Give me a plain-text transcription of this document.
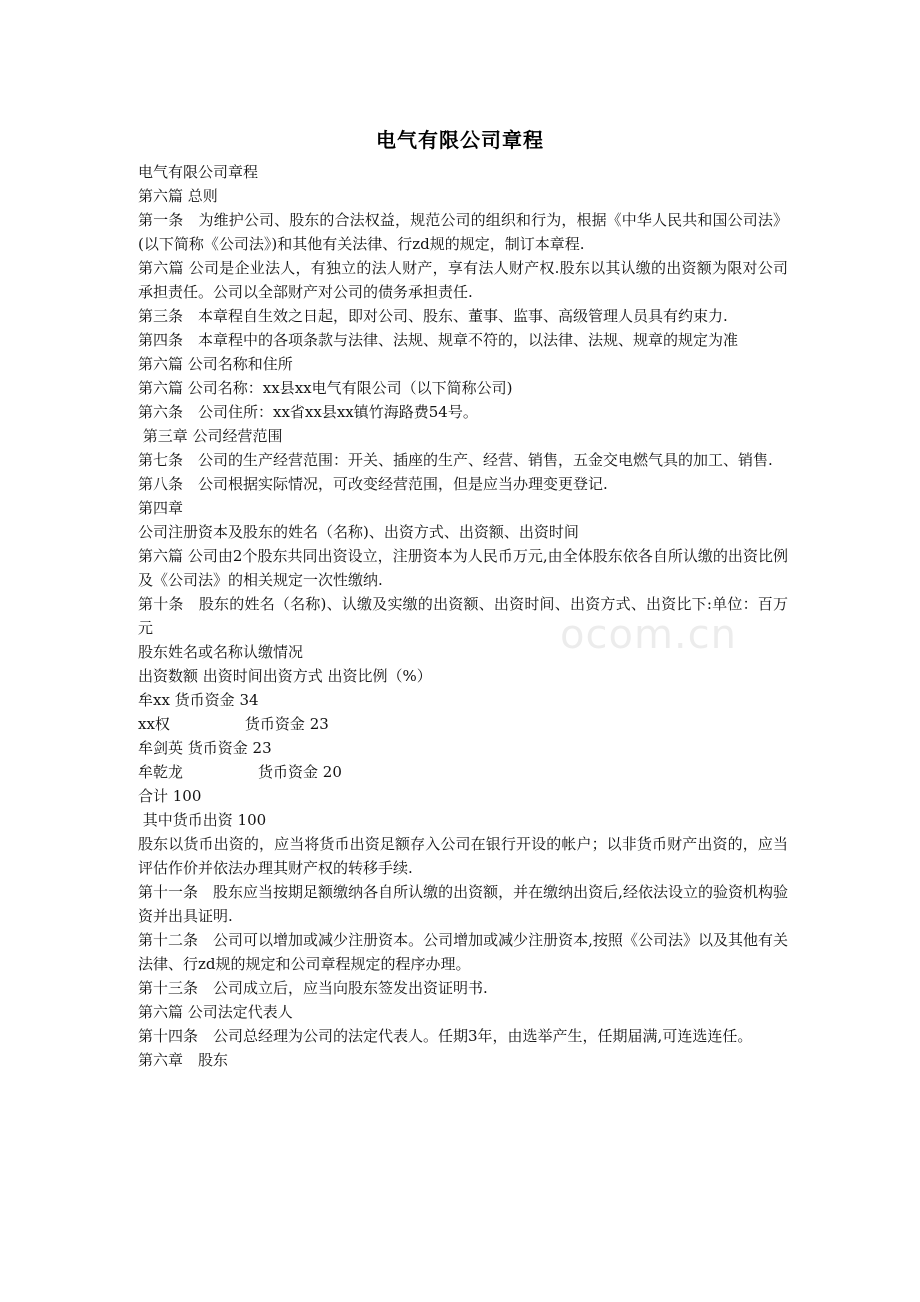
电气有限公司章程

电气有限公司章程

第六篇 总则

第一条　为维护公司、股东的合法权益，规范公司的组织和行为，根据《中华人民共和国公司法》(以下简称《公司法》)和其他有关法律、行zd规的规定，制订本章程.

第六篇 公司是企业法人，有独立的法人财产，享有法人财产权.股东以其认缴的出资额为限对公司承担责任。公司以全部财产对公司的债务承担责任.

第三条　本章程自生效之日起，即对公司、股东、董事、监事、高级管理人员具有约束力.

第四条　本章程中的各项条款与法律、法规、规章不符的，以法律、法规、规章的规定为准

第六篇 公司名称和住所

第六篇 公司名称：xx县xx电气有限公司（以下简称公司)

第六条　公司住所：xx省xx县xx镇竹海路费54号。

第三章 公司经营范围

第七条　公司的生产经营范围：开关、插座的生产、经营、销售，五金交电燃气具的加工、销售.

第八条　公司根据实际情况，可改变经营范围，但是应当办理变更登记.

第四章

公司注册资本及股东的姓名（名称)、出资方式、出资额、出资时间

第六篇 公司由2个股东共同出资设立，注册资本为人民币万元,由全体股东依各自所认缴的出资比例及《公司法》的相关规定一次性缴纳.

第十条　股东的姓名（名称)、认缴及实缴的出资额、出资时间、出资方式、出资比下:单位：百万元

股东姓名或名称认缴情况

出资数额 出资时间出资方式 出资比例（%）

牟xx 货币资金 34

xx权　　　　　货币资金 23

牟剑英 货币资金 23

牟乾龙　　　　　货币资金 20

合计 100

其中货币出资 100

股东以货币出资的，应当将货币出资足额存入公司在银行开设的帐户；以非货币财产出资的，应当评估作价并依法办理其财产权的转移手续.

第十一条　股东应当按期足额缴纳各自所认缴的出资额，并在缴纳出资后,经依法设立的验资机构验资并出具证明.

第十二条　公司可以增加或减少注册资本。公司增加或减少注册资本,按照《公司法》以及其他有关法律、行zd规的规定和公司章程规定的程序办理。

第十三条　公司成立后，应当向股东签发出资证明书.

第六篇 公司法定代表人

第十四条　公司总经理为公司的法定代表人。任期3年，由选举产生，任期届满,可连选连任。

第六章　股东

ocom.cn
